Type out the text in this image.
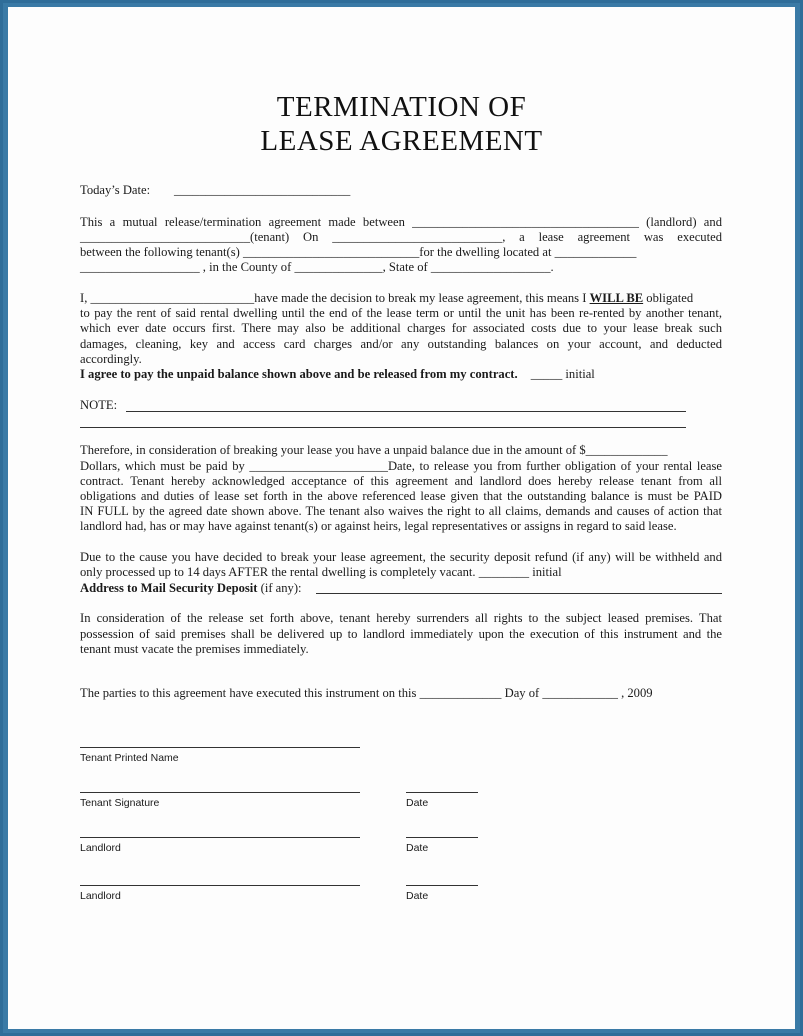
TERMINATION OF
LEASE AGREEMENT
Today’s Date: ____________________________
This a mutual release/termination agreement made between ____________________________________ (landlord) and
___________________________(tenant) On ___________________________, a lease agreement was executed
between the following tenant(s) ____________________________for the dwelling located at _____________
___________________ , in the County of ______________, State of ___________________.
I, __________________________have made the decision to break my lease agreement, this means I WILL BE obligated
to pay the rent of said rental dwelling until the end of the lease term or until the unit has been re-rented by another tenant,
which ever date occurs first. There may also be additional charges for associated costs due to your lease break such
damages, cleaning, key and access card charges and/or any outstanding balances on your account, and deducted
accordingly.
I agree to pay the unpaid balance shown above and be released from my contract. _____ initial
NOTE:
Therefore, in consideration of breaking your lease you have a unpaid balance due in the amount of $_____________
Dollars, which must be paid by ______________________Date, to release you from further obligation of your rental lease
contract. Tenant hereby acknowledged acceptance of this agreement and landlord does hereby release tenant from all
obligations and duties of lease set forth in the above referenced lease given that the outstanding balance is must be PAID
IN FULL by the agreed date shown above. The tenant also waives the right to all claims, demands and causes of action that
landlord had, has or may have against tenant(s) or against heirs, legal representatives or assigns in regard to said lease.
Due to the cause you have decided to break your lease agreement, the security deposit refund (if any) will be withheld and
only processed up to 14 days AFTER the rental dwelling is completely vacant. ________ initial
Address to Mail Security Deposit (if any):
In consideration of the release set forth above, tenant hereby surrenders all rights to the subject leased premises. That
possession of said premises shall be delivered up to landlord immediately upon the execution of this instrument and the
tenant must vacate the premises immediately.
The parties to this agreement have executed this instrument on this _____________ Day of ____________ , 2009
Tenant Printed Name
Tenant Signature	Date
Landlord	Date
Landlord	Date
